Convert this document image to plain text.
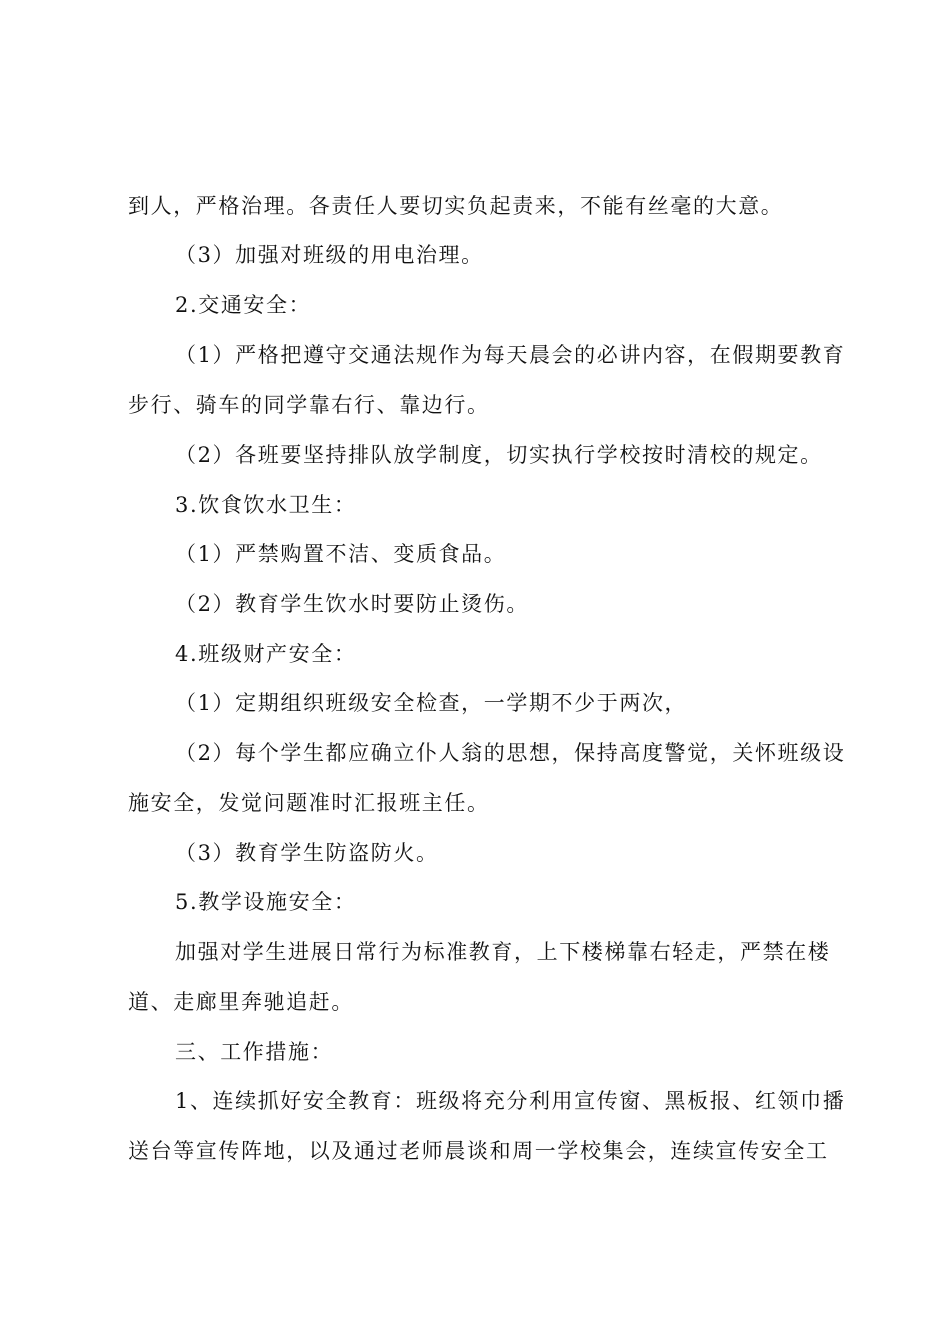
到人，严格治理。各责任人要切实负起责来，不能有丝毫的大意。
（3）加强对班级的用电治理。
2.交通安全：
（1）严格把遵守交通法规作为每天晨会的必讲内容，在假期要教育
步行、骑车的同学靠右行、靠边行。
（2）各班要坚持排队放学制度，切实执行学校按时清校的规定。
3.饮食饮水卫生：
（1）严禁购置不洁、变质食品。
（2）教育学生饮水时要防止烫伤。
4.班级财产安全：
（1）定期组织班级安全检查，一学期不少于两次，
（2）每个学生都应确立仆人翁的思想，保持高度警觉，关怀班级设
施安全，发觉问题准时汇报班主任。
（3）教育学生防盗防火。
5.教学设施安全：
加强对学生进展日常行为标准教育，上下楼梯靠右轻走，严禁在楼
道、走廊里奔驰追赶。
三、工作措施：
1、连续抓好安全教育：班级将充分利用宣传窗、黑板报、红领巾播
送台等宣传阵地，以及通过老师晨谈和周一学校集会，连续宣传安全工
